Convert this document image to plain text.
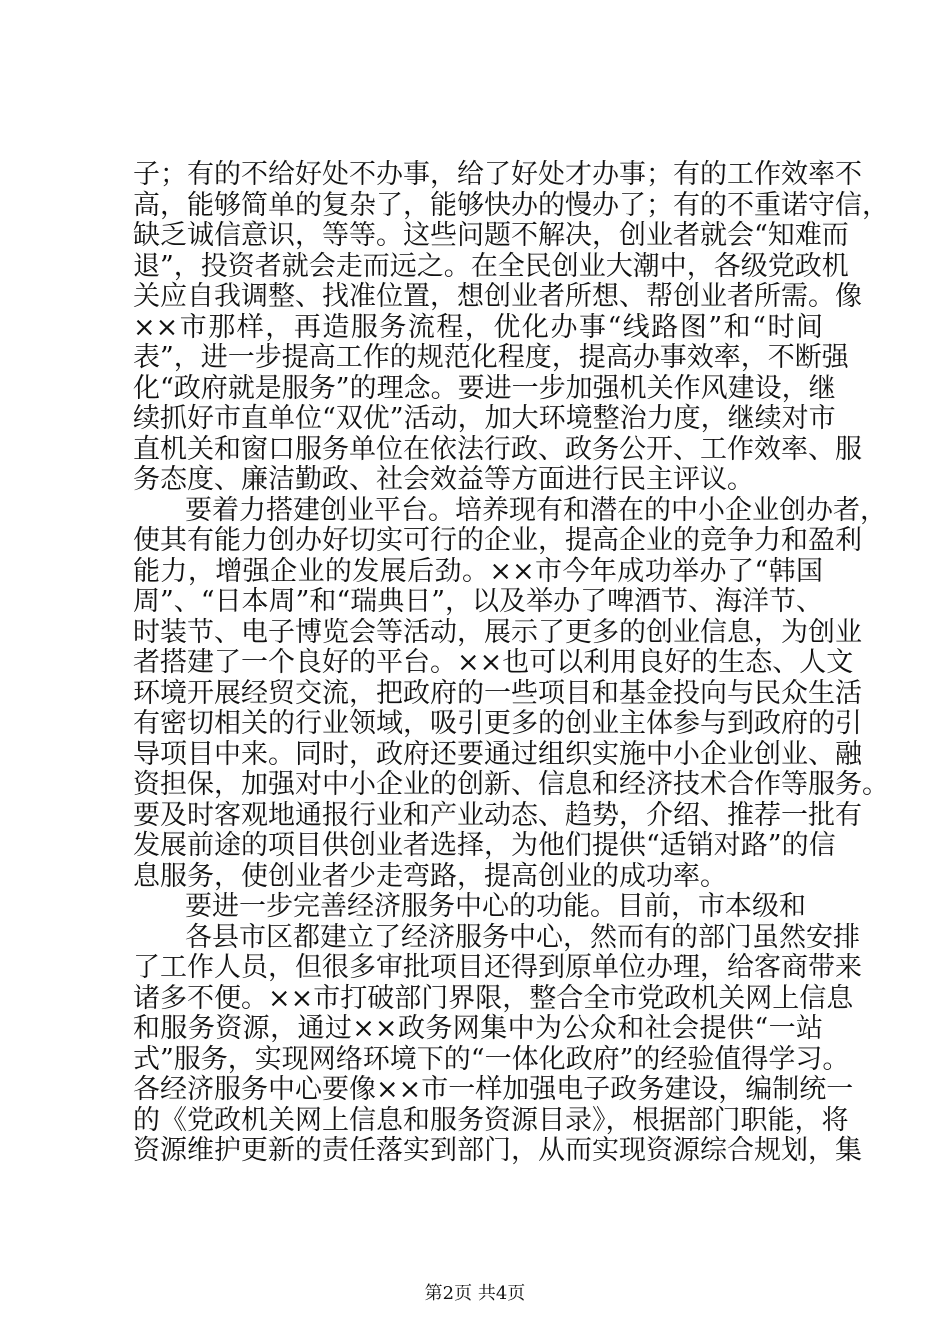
子；有的不给好处不办事，给了好处才办事；有的工作效率不
高，能够简单的复杂了，能够快办的慢办了；有的不重诺守信，
缺乏诚信意识，等等。这些问题不解决，创业者就会“知难而
退”，投资者就会走而远之。在全民创业大潮中，各级党政机
关应自我调整、找准位置，想创业者所想、帮创业者所需。像
××市那样，再造服务流程，优化办事“线路图”和“时间
表”，进一步提高工作的规范化程度，提高办事效率，不断强
化“政府就是服务”的理念。要进一步加强机关作风建设，继
续抓好市直单位“双优”活动，加大环境整治力度，继续对市
直机关和窗口服务单位在依法行政、政务公开、工作效率、服
务态度、廉洁勤政、社会效益等方面进行民主评议。
要着力搭建创业平台。培养现有和潜在的中小企业创办者，
使其有能力创办好切实可行的企业，提高企业的竞争力和盈利
能力，增强企业的发展后劲。××市今年成功举办了“韩国
周”、“日本周”和“瑞典日”，以及举办了啤酒节、海洋节、
时装节、电子博览会等活动，展示了更多的创业信息，为创业
者搭建了一个良好的平台。××也可以利用良好的生态、人文
环境开展经贸交流，把政府的一些项目和基金投向与民众生活
有密切相关的行业领域，吸引更多的创业主体参与到政府的引
导项目中来。同时，政府还要通过组织实施中小企业创业、融
资担保，加强对中小企业的创新、信息和经济技术合作等服务。
要及时客观地通报行业和产业动态、趋势，介绍、推荐一批有
发展前途的项目供创业者选择，为他们提供“适销对路”的信
息服务，使创业者少走弯路，提高创业的成功率。
要进一步完善经济服务中心的功能。目前，市本级和
各县市区都建立了经济服务中心，然而有的部门虽然安排
了工作人员，但很多审批项目还得到原单位办理，给客商带来
诸多不便。××市打破部门界限，整合全市党政机关网上信息
和服务资源，通过××政务网集中为公众和社会提供“一站
式”服务，实现网络环境下的“一体化政府”的经验值得学习。
各经济服务中心要像××市一样加强电子政务建设，编制统一
的《党政机关网上信息和服务资源目录》，根据部门职能，将
第2页 共4页
资源维护更新的责任落实到部门，从而实现资源综合规划，集
